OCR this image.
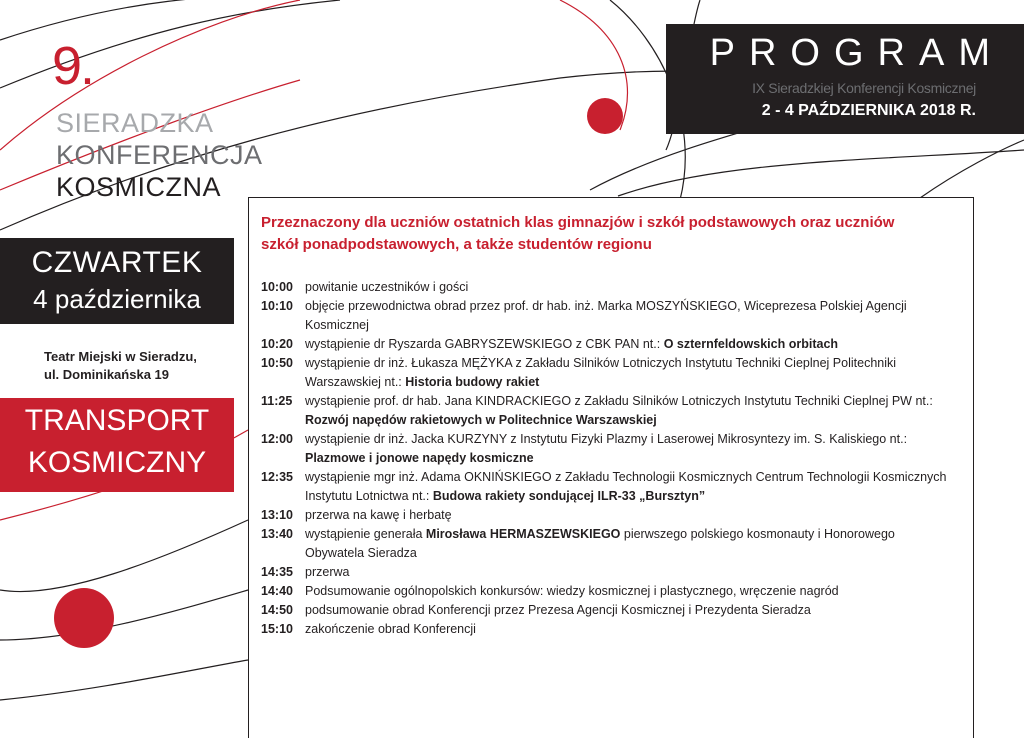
9.
SIERADZKA
KONFERENCJA
KOSMICZNA
PROGRAM
IX Sieradzkiej Konferencji Kosmicznej
2 - 4 PAŹDZIERNIKA 2018 R.
CZWARTEK
4 października
Teatr Miejski w Sieradzu,
ul. Dominikańska 19
TRANSPORT
KOSMICZNY
Przeznaczony dla uczniów ostatnich klas gimnazjów i szkół podstawowych oraz uczniów
szkół ponadpodstawowych, a także studentów regionu
10:00 powitanie uczestników i gości
10:10 objęcie przewodnictwa obrad przez prof. dr hab. inż. Marka MOSZYŃSKIEGO, Wiceprezesa Polskiej Agencji Kosmicznej
10:20 wystąpienie dr Ryszarda GABRYSZEWSKIEGO z CBK PAN nt.: O szternfeldowskich orbitach
10:50 wystąpienie dr inż. Łukasza MĘŻYKA z Zakładu Silników Lotniczych Instytutu Techniki Cieplnej Politechniki
Warszawskiej nt.: Historia budowy rakiet
11:25	wystąpienie prof. dr hab. Jana KINDRACKIEGO z Zakładu Silników Lotniczych Instytutu Techniki Cieplnej PW nt.:
Rozwój napędów rakietowych w Politechnice Warszawskiej
12:00 wystąpienie dr inż. Jacka KURZYNY z Instytutu Fizyki Plazmy i Laserowej Mikrosyntezy im. S. Kaliskiego nt.:
Plazmowe i jonowe napędy kosmiczne
12:35 wystąpienie mgr inż. Adama OKNIŃSKIEGO z Zakładu Technologii Kosmicznych Centrum Technologii Kosmicznych
Instytutu Lotnictwa nt.: Budowa rakiety sondującej ILR-33 „Bursztyn”
13:10 przerwa na kawę i herbatę
13:40 wystąpienie generała Mirosława HERMASZEWSKIEGO pierwszego polskiego kosmonauty i Honorowego
Obywatela Sieradza
14:35 przerwa
14:40 Podsumowanie ogólnopolskich konkursów: wiedzy kosmicznej i plastycznego, wręczenie nagród
14:50 podsumowanie obrad Konferencji przez Prezesa Agencji Kosmicznej i Prezydenta Sieradza
15:10 zakończenie obrad Konferencji
